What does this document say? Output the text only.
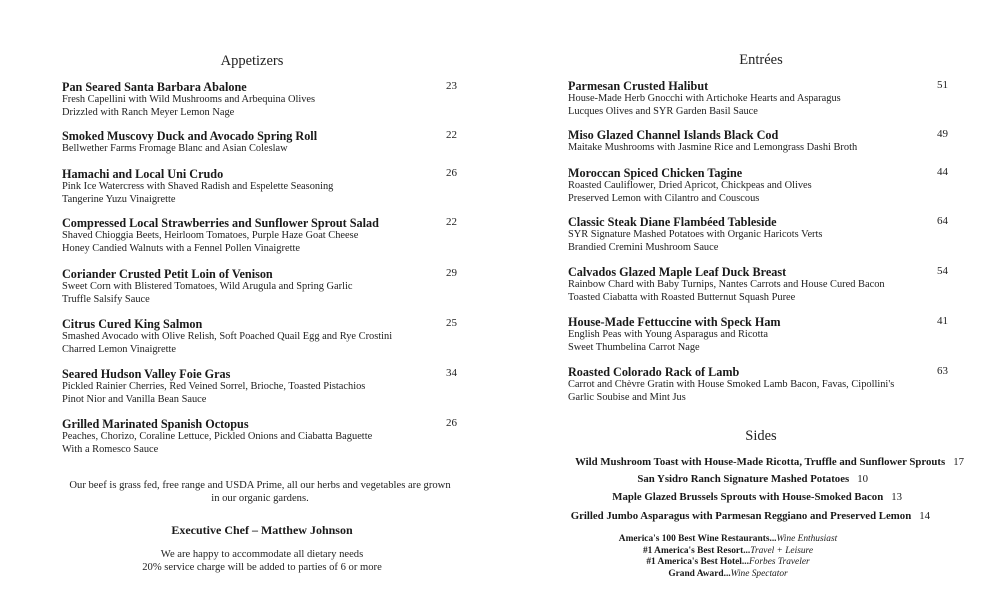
Appetizers
Pan Seared Santa Barbara Abalone	23
Fresh Capellini with Wild Mushrooms and Arbequina Olives
Drizzled with Ranch Meyer Lemon Nage
Smoked Muscovy Duck and Avocado Spring Roll	22
Bellwether Farms Fromage Blanc and Asian Coleslaw
Hamachi and Local Uni Crudo	26
Pink Ice Watercress with Shaved Radish and Espelette Seasoning
Tangerine Yuzu Vinaigrette
Compressed Local Strawberries and Sunflower Sprout Salad	22
Shaved Chioggia Beets, Heirloom Tomatoes, Purple Haze Goat Cheese
Honey Candied Walnuts with a Fennel Pollen Vinaigrette
Coriander Crusted Petit Loin of Venison	29
Sweet Corn with Blistered Tomatoes, Wild Arugula and Spring Garlic
Truffle Salsify Sauce
Citrus Cured King Salmon	25
Smashed Avocado with Olive Relish, Soft Poached Quail Egg and Rye Crostini
Charred Lemon Vinaigrette
Seared Hudson Valley Foie Gras	34
Pickled Rainier Cherries, Red Veined Sorrel, Brioche, Toasted Pistachios
Pinot Nior and Vanilla Bean Sauce
Grilled Marinated Spanish Octopus	26
Peaches, Chorizo, Coraline Lettuce, Pickled Onions and Ciabatta Baguette
With a Romesco Sauce
Our beef is grass fed, free range and USDA Prime, all our herbs and vegetables are grown
in our organic gardens.
Executive Chef – Matthew Johnson
We are happy to accommodate all dietary needs
20% service charge will be added to parties of 6 or more
Entrées
Parmesan Crusted Halibut	51
House-Made Herb Gnocchi with Artichoke Hearts and Asparagus
Lucques Olives and SYR Garden Basil Sauce
Miso Glazed Channel Islands Black Cod	49
Maitake Mushrooms with Jasmine Rice and Lemongrass Dashi Broth
Moroccan Spiced Chicken Tagine	44
Roasted Cauliflower, Dried Apricot, Chickpeas and Olives
Preserved Lemon with Cilantro and Couscous
Classic Steak Diane Flambéed Tableside	64
SYR Signature Mashed Potatoes with Organic Haricots Verts
Brandied Cremini Mushroom Sauce
Calvados Glazed Maple Leaf Duck Breast	54
Rainbow Chard with Baby Turnips, Nantes Carrots and House Cured Bacon
Toasted Ciabatta with Roasted Butternut Squash Puree
House-Made Fettuccine with Speck Ham	41
English Peas with Young Asparagus and Ricotta
Sweet Thumbelina Carrot Nage
Roasted Colorado Rack of Lamb	63
Carrot and Chèvre Gratin with House Smoked Lamb Bacon, Favas, Cipollini's
Garlic Soubise and Mint Jus
Sides
Wild Mushroom Toast with House-Made Ricotta, Truffle and Sunflower Sprouts 17
San Ysidro Ranch Signature Mashed Potatoes 10
Maple Glazed Brussels Sprouts with House-Smoked Bacon 13
Grilled Jumbo Asparagus with Parmesan Reggiano and Preserved Lemon 14
America's 100 Best Wine Restaurants...Wine Enthusiast
#1 America's Best Resort...Travel + Leisure
#1 America's Best Hotel...Forbes Traveler
Grand Award...Wine Spectator
